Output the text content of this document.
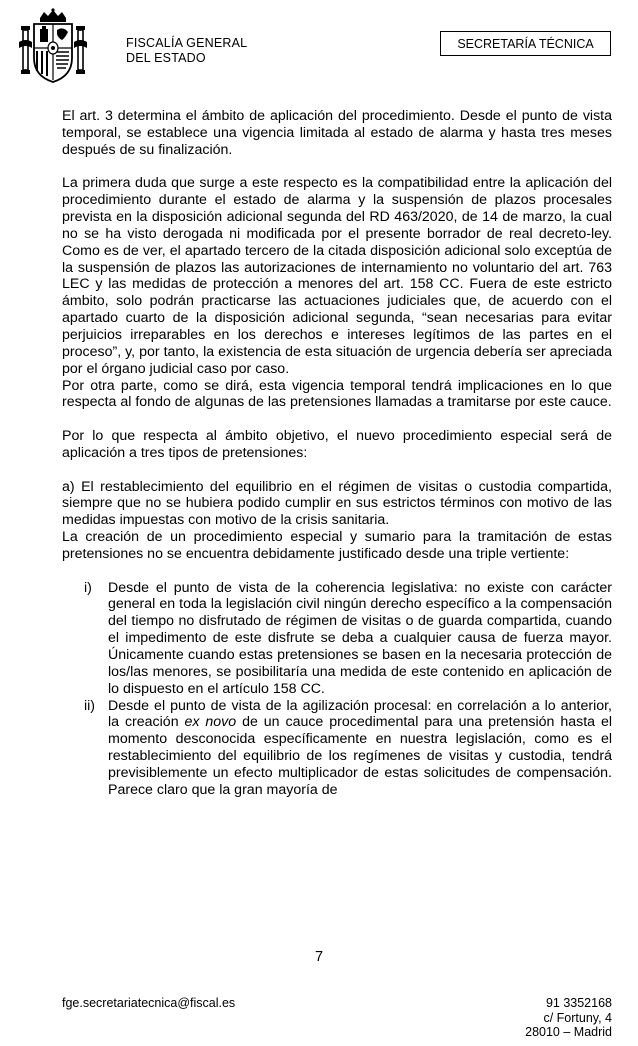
FISCALÍA GENERAL
DEL ESTADO
SECRETARÍA TÉCNICA

El art. 3 determina el ámbito de aplicación del procedimiento. Desde el punto de vista temporal, se establece una vigencia limitada al estado de alarma y hasta tres meses después de su finalización.

La primera duda que surge a este respecto es la compatibilidad entre la aplicación del procedimiento durante el estado de alarma y la suspensión de plazos procesales prevista en la disposición adicional segunda del RD 463/2020, de 14 de marzo, la cual no se ha visto derogada ni modificada por el presente borrador de real decreto-ley. Como es de ver, el apartado tercero de la citada disposición adicional solo exceptúa de la suspensión de plazos las autorizaciones de internamiento no voluntario del art. 763 LEC y las medidas de protección a menores del art. 158 CC. Fuera de este estricto ámbito, solo podrán practicarse las actuaciones judiciales que, de acuerdo con el apartado cuarto de la disposición adicional segunda, “sean necesarias para evitar perjuicios irreparables en los derechos e intereses legítimos de las partes en el proceso”, y, por tanto, la existencia de esta situación de urgencia debería ser apreciada por el órgano judicial caso por caso.

Por otra parte, como se dirá, esta vigencia temporal tendrá implicaciones en lo que respecta al fondo de algunas de las pretensiones llamadas a tramitarse por este cauce.

Por lo que respecta al ámbito objetivo, el nuevo procedimiento especial será de aplicación a tres tipos de pretensiones:

a) El restablecimiento del equilibrio en el régimen de visitas o custodia compartida, siempre que no se hubiera podido cumplir en sus estrictos términos con motivo de las medidas impuestas con motivo de la crisis sanitaria.

La creación de un procedimiento especial y sumario para la tramitación de estas pretensiones no se encuentra debidamente justificado desde una triple vertiente:

i)	Desde el punto de vista de la coherencia legislativa: no existe con carácter general en toda la legislación civil ningún derecho específico a la compensación del tiempo no disfrutado de régimen de visitas o de guarda compartida, cuando el impedimento de este disfrute se deba a cualquier causa de fuerza mayor. Únicamente cuando estas pretensiones se basen en la necesaria protección de los/las menores, se posibilitaría una medida de este contenido en aplicación de lo dispuesto en el artículo 158 CC.
ii) Desde el punto de vista de la agilización procesal: en correlación a lo anterior, la creación ex novo de un cauce procedimental para una pretensión hasta el momento desconocida específicamente en nuestra legislación, como es el restablecimiento del equilibrio de los regímenes de visitas y custodia, tendrá previsiblemente un efecto multiplicador de estas solicitudes de compensación. Parece claro que la gran mayoría de
7
fge.secretariatecnica@fiscal.es	91 3352168
c/ Fortuny, 4
28010 – Madrid
